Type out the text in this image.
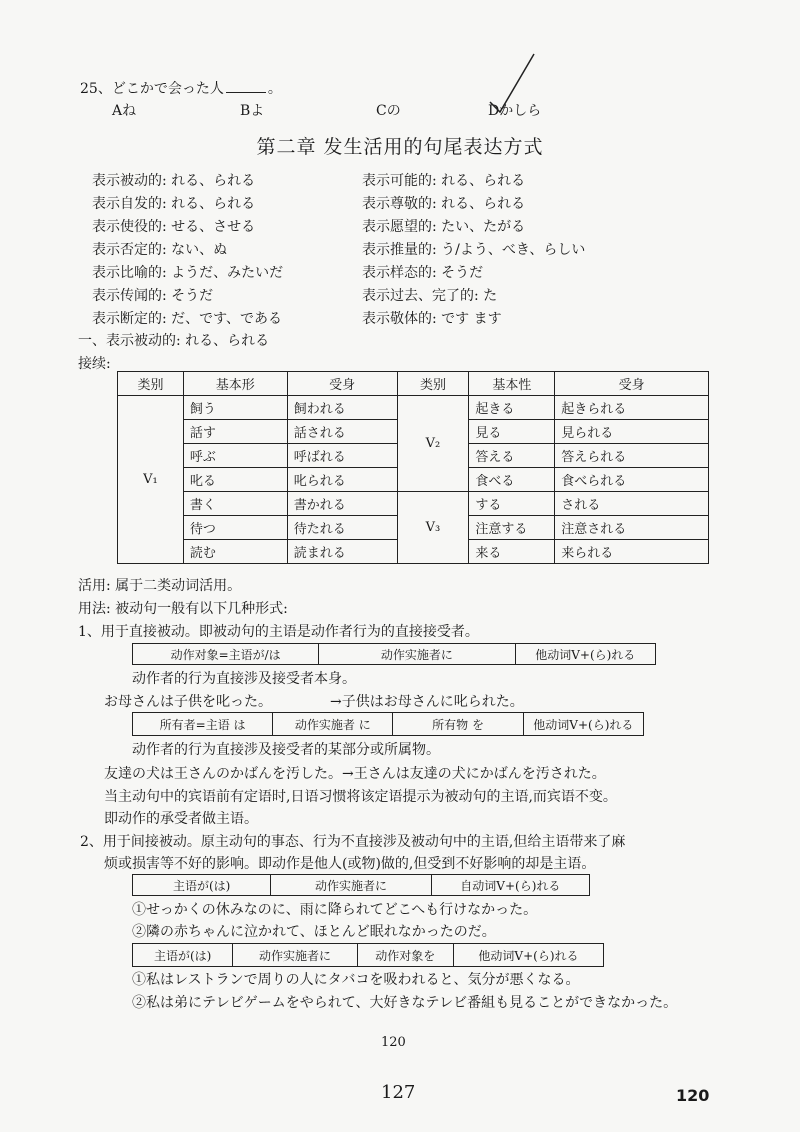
25、どこかで会った人	。
Aね	Bよ	Cの	Dかしら
第二章 发生活用的句尾表达方式
表示被动的: れる、られる	表示可能的: れる、られる
表示自发的: れる、られる	表示尊敬的: れる、られる
表示使役的: せる、させる	表示愿望的: たい、たがる
表示否定的: ない、ぬ	表示推量的: う/よう、べき、らしい
表示比喻的: ようだ、みたいだ	表示样态的: そうだ
表示传闻的: そうだ	表示过去、完了的: た
表示断定的: だ、です、である	表示敬体的: です ます
一、表示被动的: れる、られる
接续:
类别	基本形	受身	类别	基本性	受身
V₁	飼う	飼われる	V₂	起きる	起きられる
	話す	話される		見る	見られる
	呼ぶ	呼ばれる		答える	答えられる
	叱る	叱られる		食べる	食べられる
	書く	書かれる	V₃	する	される
	待つ	待たれる		注意する	注意される
	読む	読まれる		来る	来られる
活用: 属于二类动词活用。
用法: 被动句一般有以下几种形式:
1、用于直接被动。即被动句的主语是动作者行为的直接接受者。
动作对象=主语が/は	动作实施者に	他动词V+(ら)れる
动作者的行为直接涉及接受者本身。
お母さんは子供を叱った。	→子供はお母さんに叱られた。
所有者=主语 は	动作实施者 に	所有物 を	他动词V+(ら)れる
动作者的行为直接涉及接受者的某部分或所属物。
友達の犬は王さんのかばんを汚した。→王さんは友達の犬にかばんを汚された。
当主动句中的宾语前有定语时,日语习惯将该定语提示为被动句的主语,而宾语不变。
即动作的承受者做主语。
2、用于间接被动。原主动句的事态、行为不直接涉及被动句中的主语,但给主语带来了麻
烦或损害等不好的影响。即动作是他人(或物)做的,但受到不好影响的却是主语。
主语が(は)	动作实施者に	自动词V+(ら)れる
①せっかくの休みなのに、雨に降られてどこへも行けなかった。
②隣の赤ちゃんに泣かれて、ほとんど眠れなかったのだ。
主语が(は)	动作实施者に	动作对象を	他动词V+(ら)れる
①私はレストランで周りの人にタバコを吸われると、気分が悪くなる。
②私は弟にテレビゲームをやられて、大好きなテレビ番組も見ることができなかった。
120
127	120
